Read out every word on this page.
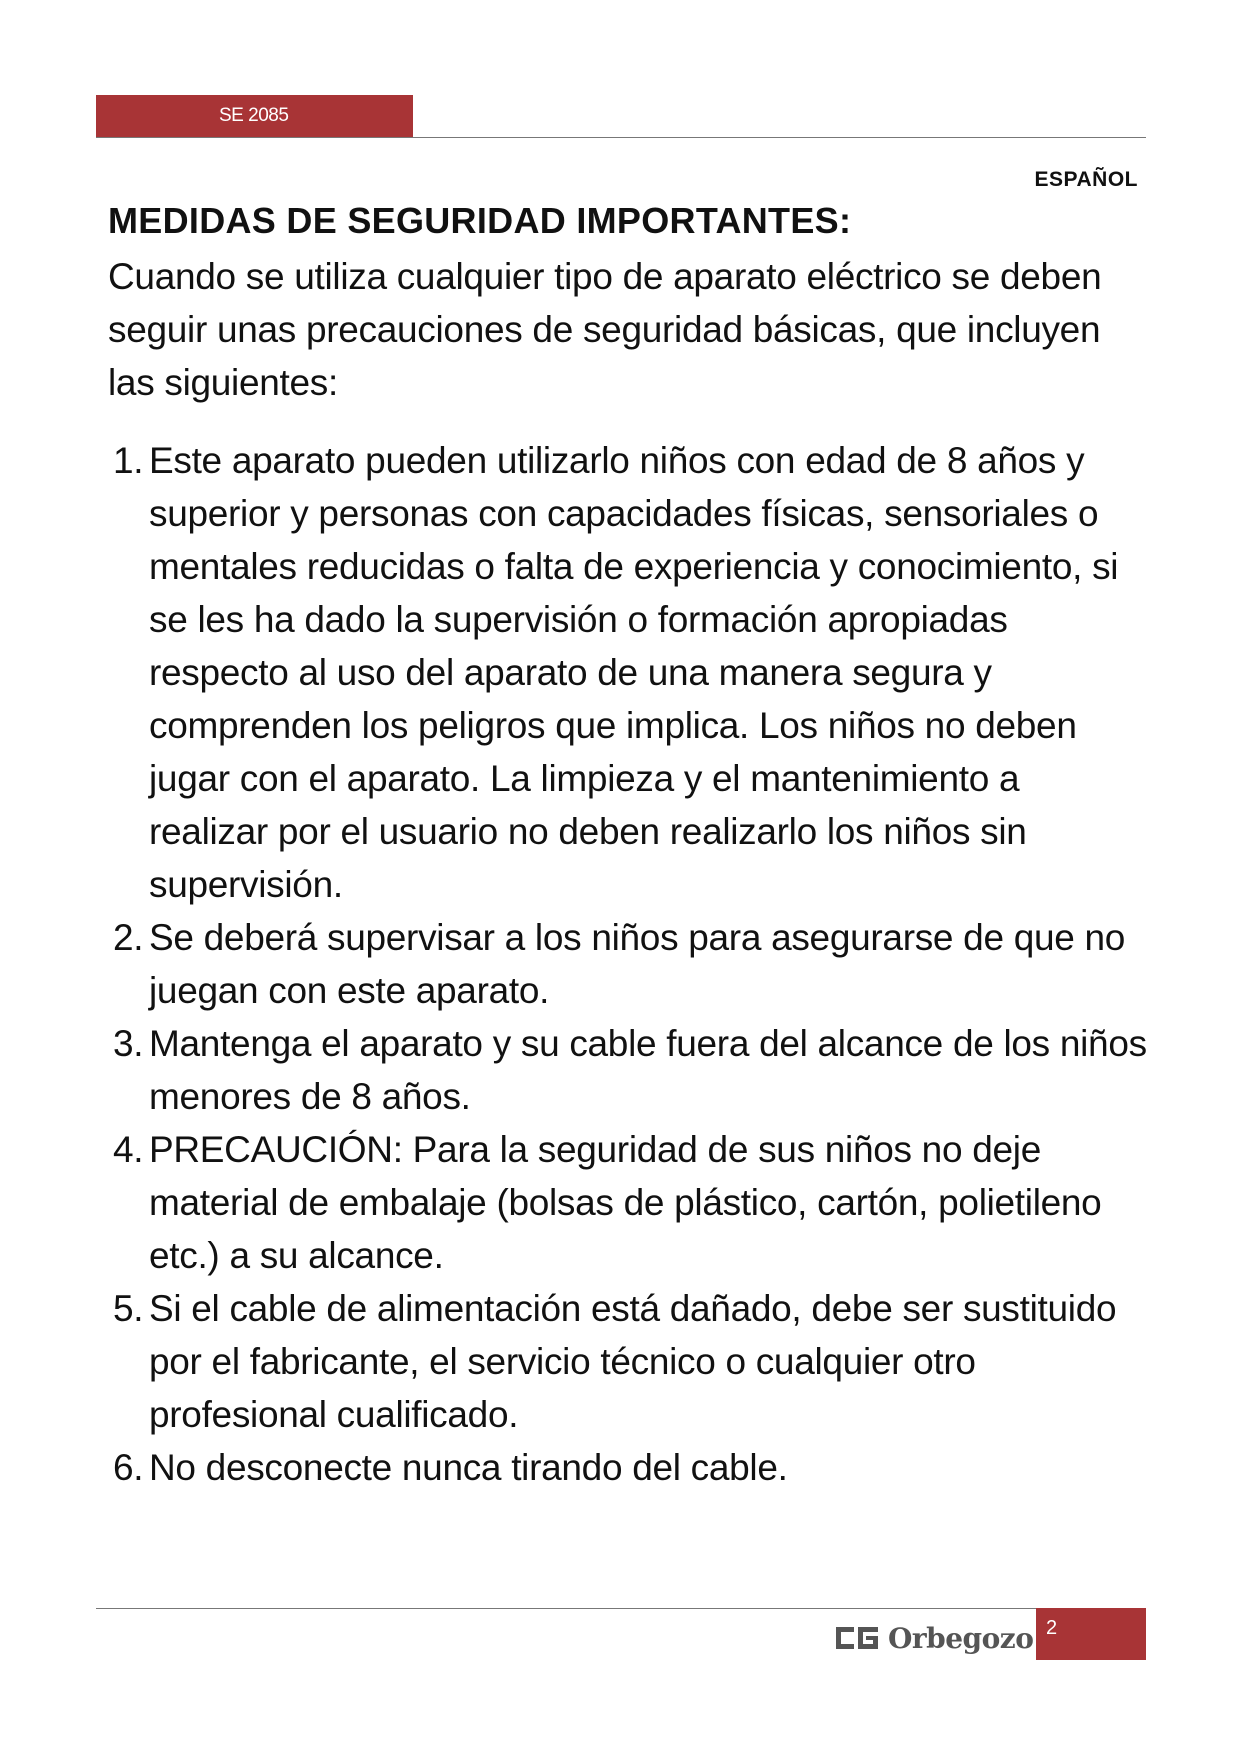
SE 2085
ESPAÑOL
MEDIDAS DE SEGURIDAD IMPORTANTES:

Cuando se utiliza cualquier tipo de aparato eléctrico se deben seguir unas precauciones de seguridad básicas, que incluyen las siguientes:

1. Este aparato pueden utilizarlo niños con edad de 8 años y superior y personas con capacidades físicas, sensoriales o mentales reducidas o falta de experiencia y conocimiento, si se les ha dado la supervisión o formación apropiadas respecto al uso del aparato de una manera segura y comprenden los peligros que implica. Los niños no deben jugar con el aparato. La limpieza y el mantenimiento a realizar por el usuario no deben realizarlo los niños sin supervisión.
2. Se deberá supervisar a los niños para asegurarse de que no juegan con este aparato.
3. Mantenga el aparato y su cable fuera del alcance de los niños menores de 8 años.
4. PRECAUCIÓN: Para la seguridad de sus niños no deje material de embalaje (bolsas de plástico, cartón, polietileno etc.) a su alcance.
5. Si el cable de alimentación está dañado, debe ser sustituido por el fabricante, el servicio técnico o cualquier otro profesional cualificado.
6. No desconecte nunca tirando del cable.
Orbegozo 2
